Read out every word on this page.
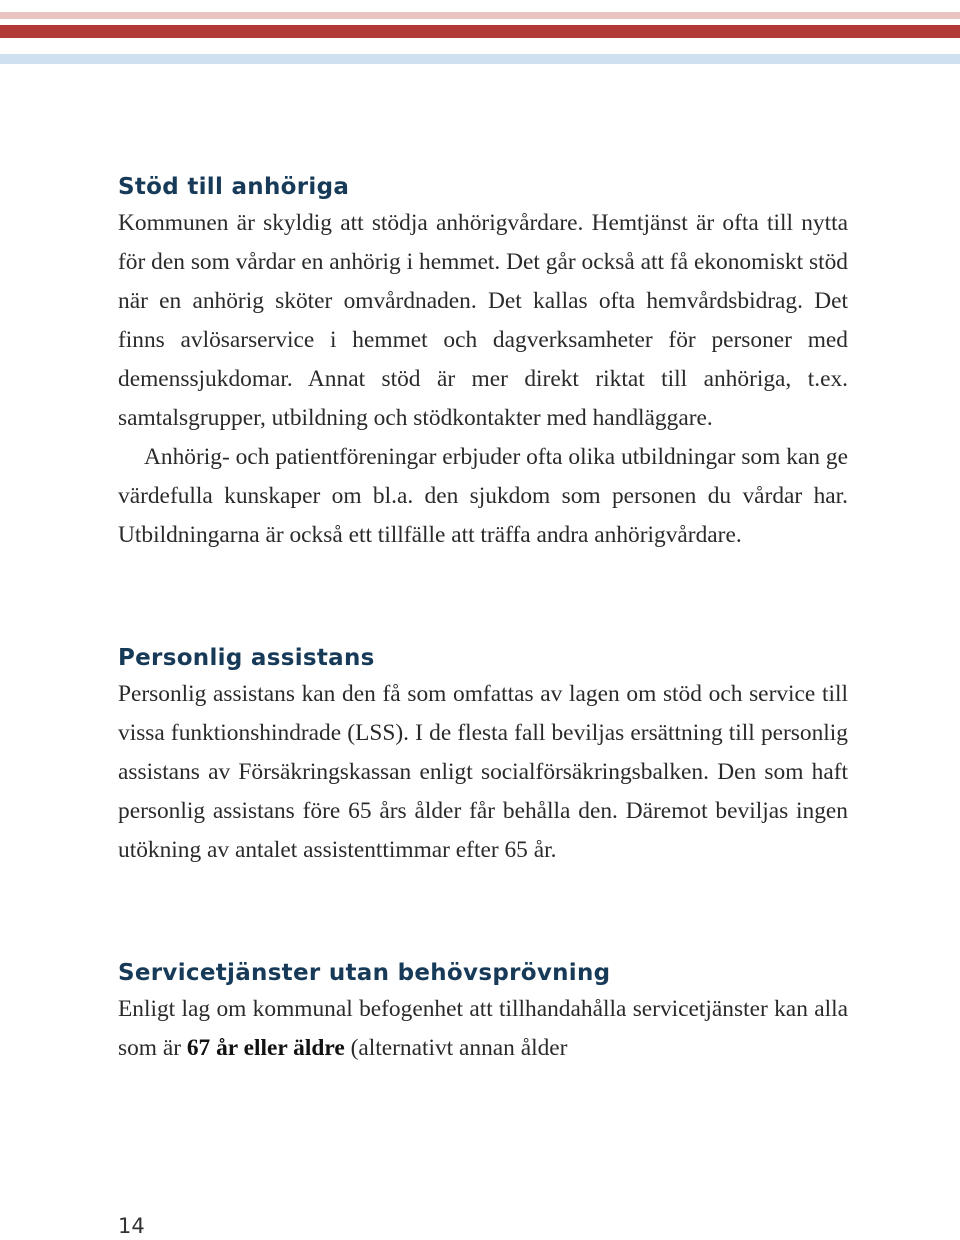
Stöd till anhöriga

Kommunen är skyldig att stödja anhörigvårdare. Hemtjänst är ofta till nytta för den som vårdar en anhörig i hemmet. Det går också att få ekonomiskt stöd när en anhörig sköter omvårdnaden. Det kallas ofta hemvårdsbidrag. Det finns avlösarservice i hemmet och dagverksamheter för personer med demenssjukdomar. Annat stöd är mer direkt riktat till anhöriga, t.ex. samtalsgrupper, utbildning och stödkontakter med handläggare.

Anhörig- och patientföreningar erbjuder ofta olika utbildningar som kan ge värdefulla kunskaper om bl.a. den sjukdom som personen du vårdar har. Utbildningarna är också ett tillfälle att träffa andra anhörigvårdare.

Personlig assistans

Personlig assistans kan den få som omfattas av lagen om stöd och service till vissa funktionshindrade (LSS). I de flesta fall beviljas ersättning till personlig assistans av Försäkringskassan enligt socialförsäkringsbalken. Den som haft personlig assistans före 65 års ålder får behålla den. Däremot beviljas ingen utökning av antalet assistenttimmar efter 65 år.

Servicetjänster utan behövsprövning

Enligt lag om kommunal befogenhet att tillhandahålla servicetjänster kan alla som är 67 år eller äldre (alternativt annan ålder

14
